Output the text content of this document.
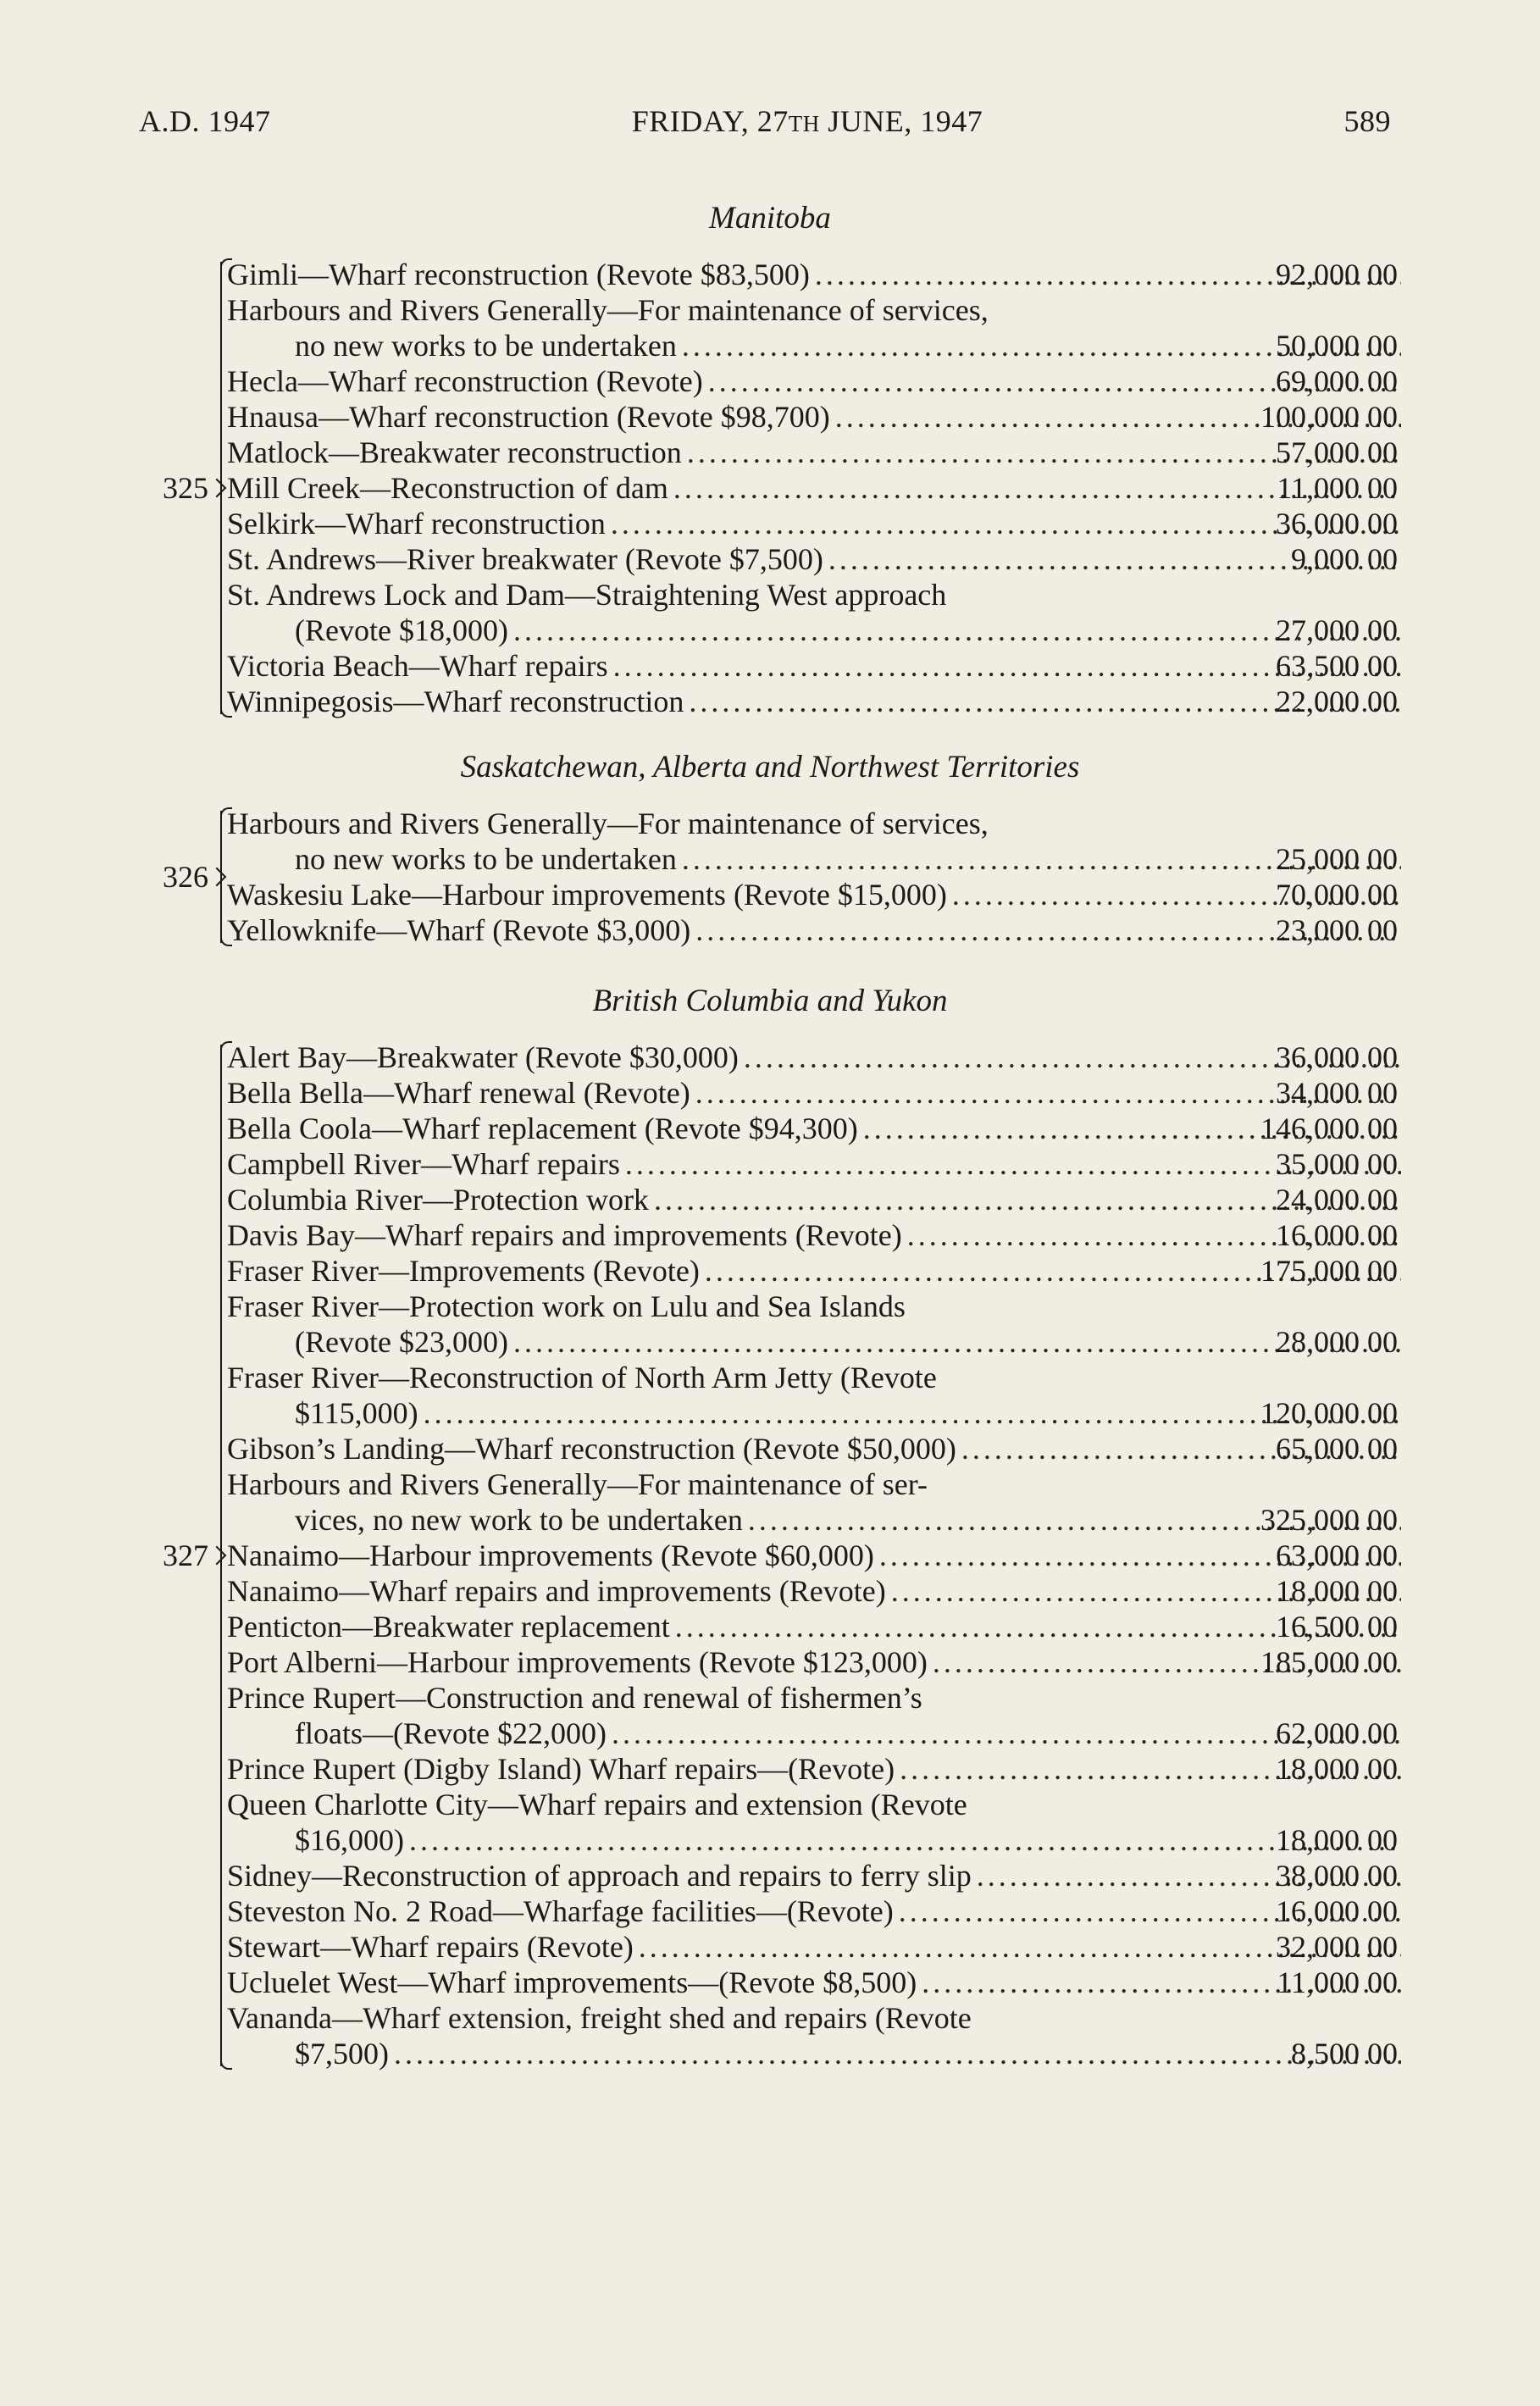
A.D. 1947	FRIDAY, 27TH JUNE, 1947	589
Manitoba
Gimli—Wharf reconstruction (Revote $83,500) .....	92,000 00
Harbours and Rivers Generally—For maintenance of services,
no new works to be undertaken .....	50,000 00
Hecla—Wharf reconstruction (Revote) .....	69,000 00
Hnausa—Wharf reconstruction (Revote $98,700) .....	100,000 00
Matlock—Breakwater reconstruction .....	57,000 00
Mill Creek—Reconstruction of dam .....	11,000 00
Selkirk—Wharf reconstruction .....	36,000 00
St. Andrews—River breakwater (Revote $7,500) .....	9,000 00
St. Andrews Lock and Dam—Straightening West approach
(Revote $18,000) .....	27,000 00
Victoria Beach—Wharf repairs .....	63,500 00
Winnipegosis—Wharf reconstruction .....	22,000 00
325
Saskatchewan, Alberta and Northwest Territories
Harbours and Rivers Generally—For maintenance of services,
no new works to be undertaken .....	25,000 00
Waskesiu Lake—Harbour improvements (Revote $15,000) .....	70,000 00
Yellowknife—Wharf (Revote $3,000) .....	23,000 00
326
British Columbia and Yukon
Alert Bay—Breakwater (Revote $30,000) .....	36,000 00
Bella Bella—Wharf renewal (Revote) .....	34,000 00
Bella Coola—Wharf replacement (Revote $94,300) .....	146,000 00
Campbell River—Wharf repairs .....	35,000 00
Columbia River—Protection work .....	24,000 00
Davis Bay—Wharf repairs and improvements (Revote) .....	16,000 00
Fraser River—Improvements (Revote) .....	175,000 00
Fraser River—Protection work on Lulu and Sea Islands
(Revote $23,000) .....	28,000 00
Fraser River—Reconstruction of North Arm Jetty (Revote
$115,000) .....	120,000 00
Gibson’s Landing—Wharf reconstruction (Revote $50,000) .....	65,000 00
Harbours and Rivers Generally—For maintenance of ser-
vices, no new work to be undertaken .....	325,000 00
Nanaimo—Harbour improvements (Revote $60,000) .....	63,000 00
Nanaimo—Wharf repairs and improvements (Revote) .....	18,000 00
Penticton—Breakwater replacement .....	16,500 00
Port Alberni—Harbour improvements (Revote $123,000) .....	185,000 00
Prince Rupert—Construction and renewal of fishermen’s
floats—(Revote $22,000) .....	62,000 00
Prince Rupert (Digby Island) Wharf repairs—(Revote) .....	18,000 00
Queen Charlotte City—Wharf repairs and extension (Revote
$16,000) .....	18,000 00
Sidney—Reconstruction of approach and repairs to ferry slip .....	38,000 00
Steveston No. 2 Road—Wharfage facilities—(Revote) .....	16,000 00
Stewart—Wharf repairs (Revote) .....	32,000 00
Ucluelet West—Wharf improvements—(Revote $8,500) .....	11,000 00
Vananda—Wharf extension, freight shed and repairs (Revote
$7,500) .....	8,500 00
327
